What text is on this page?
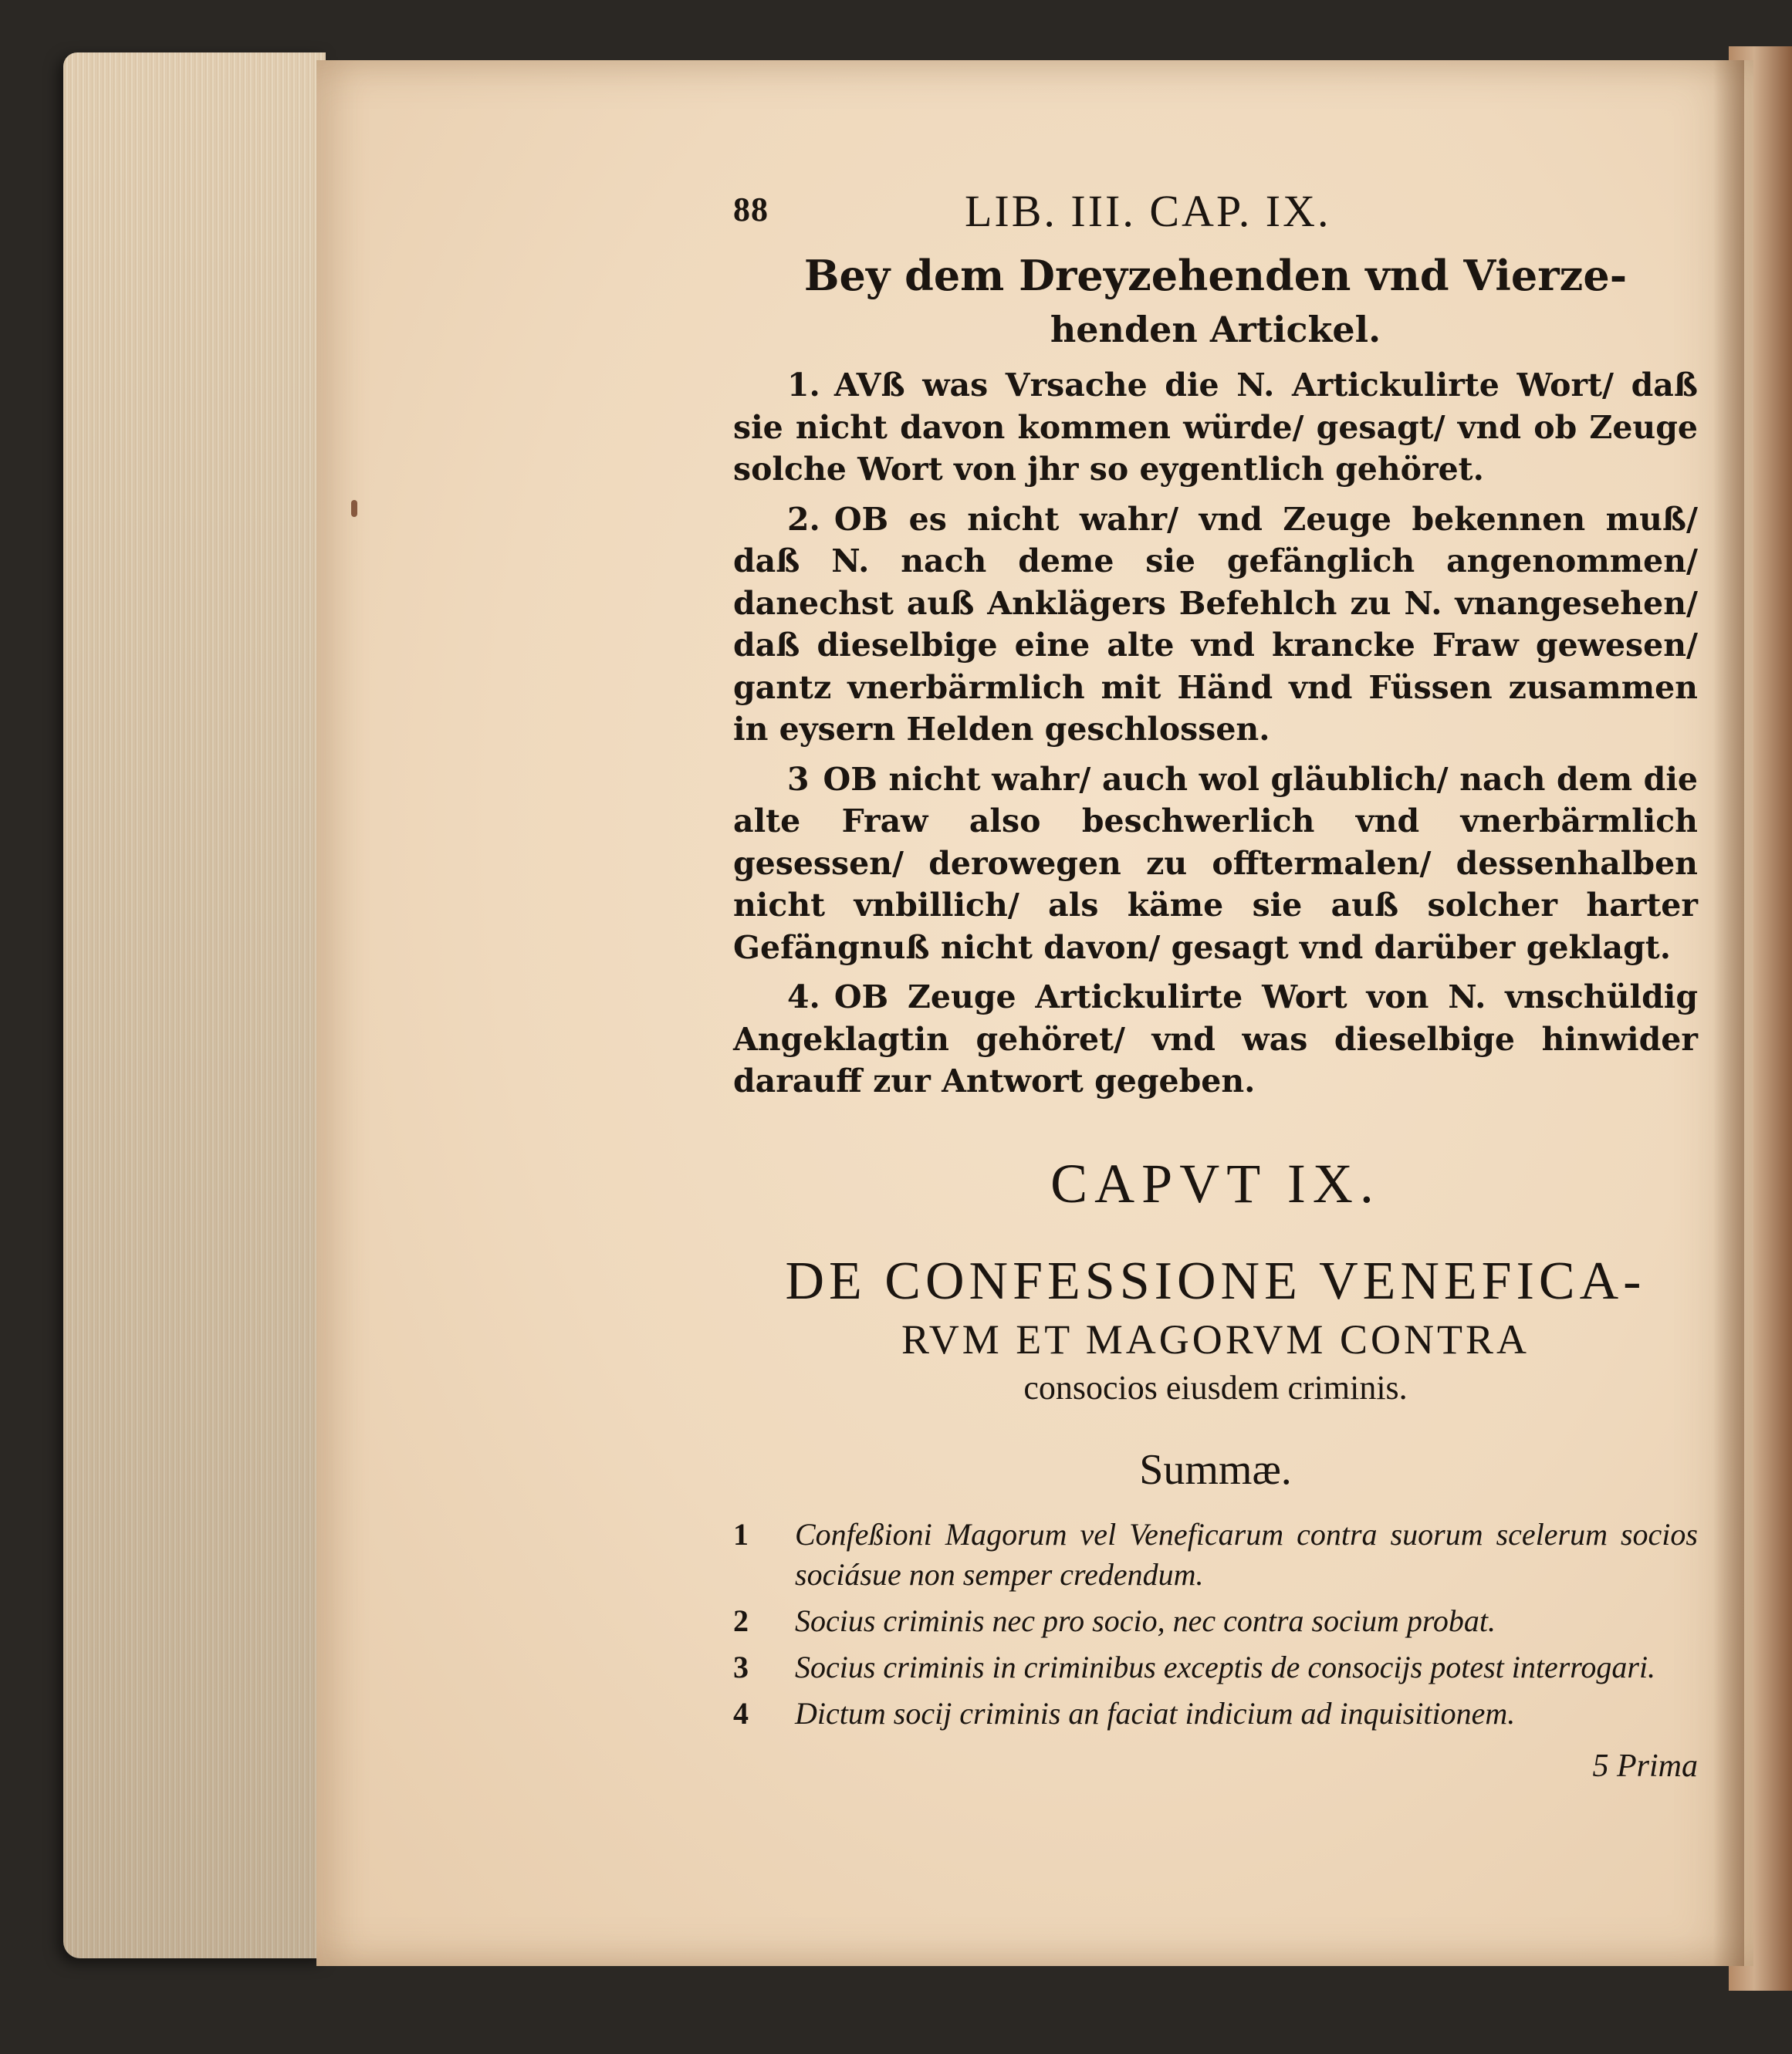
88	LIB. III. CAP. IX.
Bey dem Dreyzehenden vnd Vierze-
henden Artickel.

1. AVß was Vrsache die N. Artickulirte Wort/ daß sie nicht davon kommen würde/ gesagt/ vnd ob Zeuge solche Wort von jhr so eygentlich gehöret.

2. OB es nicht wahr/ vnd Zeuge bekennen muß/ daß N. nach deme sie gefänglich angenommen/ danechst auß Anklägers Befehlch zu N. vnangesehen/ daß dieselbige eine alte vnd krancke Fraw gewesen/ gantz vnerbärmlich mit Händ vnd Füssen zusammen in eysern Helden geschlossen.

3 OB nicht wahr/ auch wol gläublich/ nach dem die alte Fraw also beschwerlich vnd vnerbärmlich gesessen/ derowegen zu offtermalen/ dessenhalben nicht vnbillich/ als käme sie auß solcher harter Gefängnuß nicht davon/ gesagt vnd darüber geklagt.

4. OB Zeuge Artickulirte Wort von N. vnschüldig Angeklagtin gehöret/ vnd was dieselbige hinwider darauff zur Antwort gegeben.

CAPVT IX.
DE CONFESSIONE VENEFICA-
RVM ET MAGORVM CONTRA
consocios eiusdem criminis.
Summæ.
1 Confeßioni Magorum vel Veneficarum contra suorum scelerum socios sociásue non semper credendum.
2 Socius criminis nec pro socio, nec contra socium probat.
3 Socius criminis in criminibus exceptis de consocijs potest interrogari.
4 Dictum socij criminis an faciat indicium ad inquisitionem.
5 Prima
